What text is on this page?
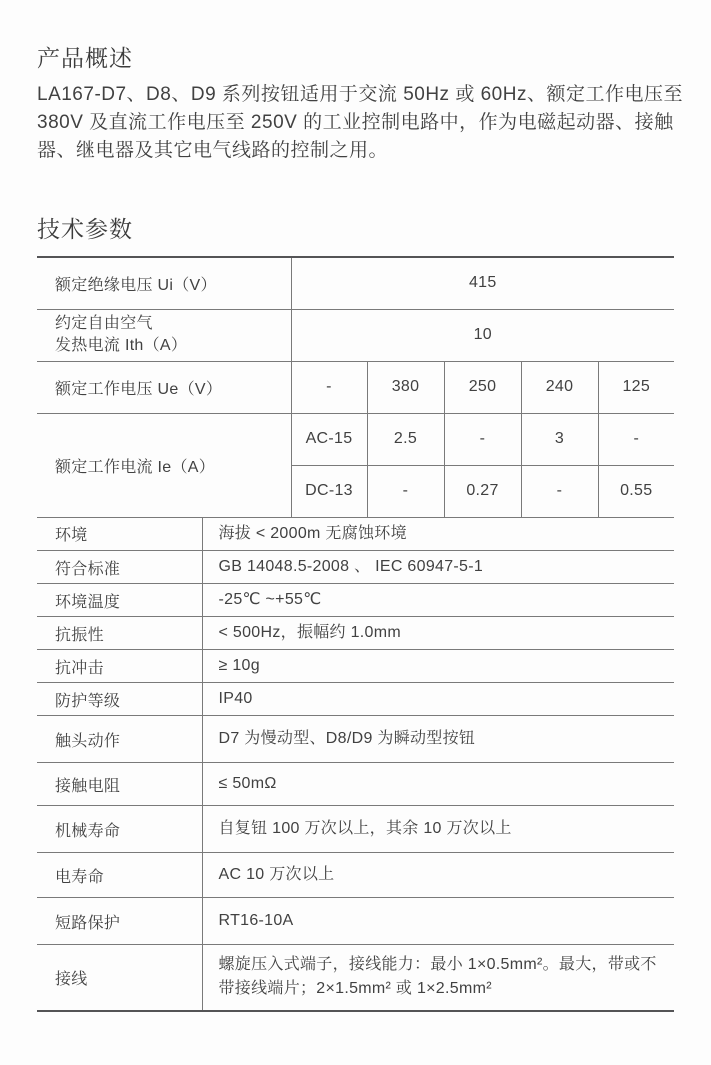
产品概述

LA167-D7、D8、D9 系列按钮适用于交流 50Hz 或 60Hz、额定工作电压至 380V 及直流工作电压至 250V 的工业控制电路中，作为电磁起动器、接触器、继电器及其它电气线路的控制之用。

技术参数
额定绝缘电压 Ui（V）	415				

约定自由空气
发热电流 Ith（A）	10				
额定工作电压 Ue（V）	-	380	250	240	125
额定工作电流 Ie（A）	AC-15	2.5	-	3	-
	DC-13	-	0.27	-	0.55
环境	海拔 < 2000m 无腐蚀环境
符合标准	GB 14048.5-2008 、 IEC 60947-5-1
环境温度	-25℃ ~+55℃
抗振性	< 500Hz，振幅约 1.0mm
抗冲击	≥ 10g
防护等级	IP40
触头动作	D7 为慢动型、D8/D9 为瞬动型按钮
接触电阻	≤ 50mΩ
机械寿命	自复钮 100 万次以上，其余 10 万次以上
电寿命	AC 10 万次以上
短路保护	RT16-10A
接线	螺旋压入式端子，接线能力：最小 1×0.5mm²。最大，带或不带接线端片；2×1.5mm² 或 1×2.5mm²
